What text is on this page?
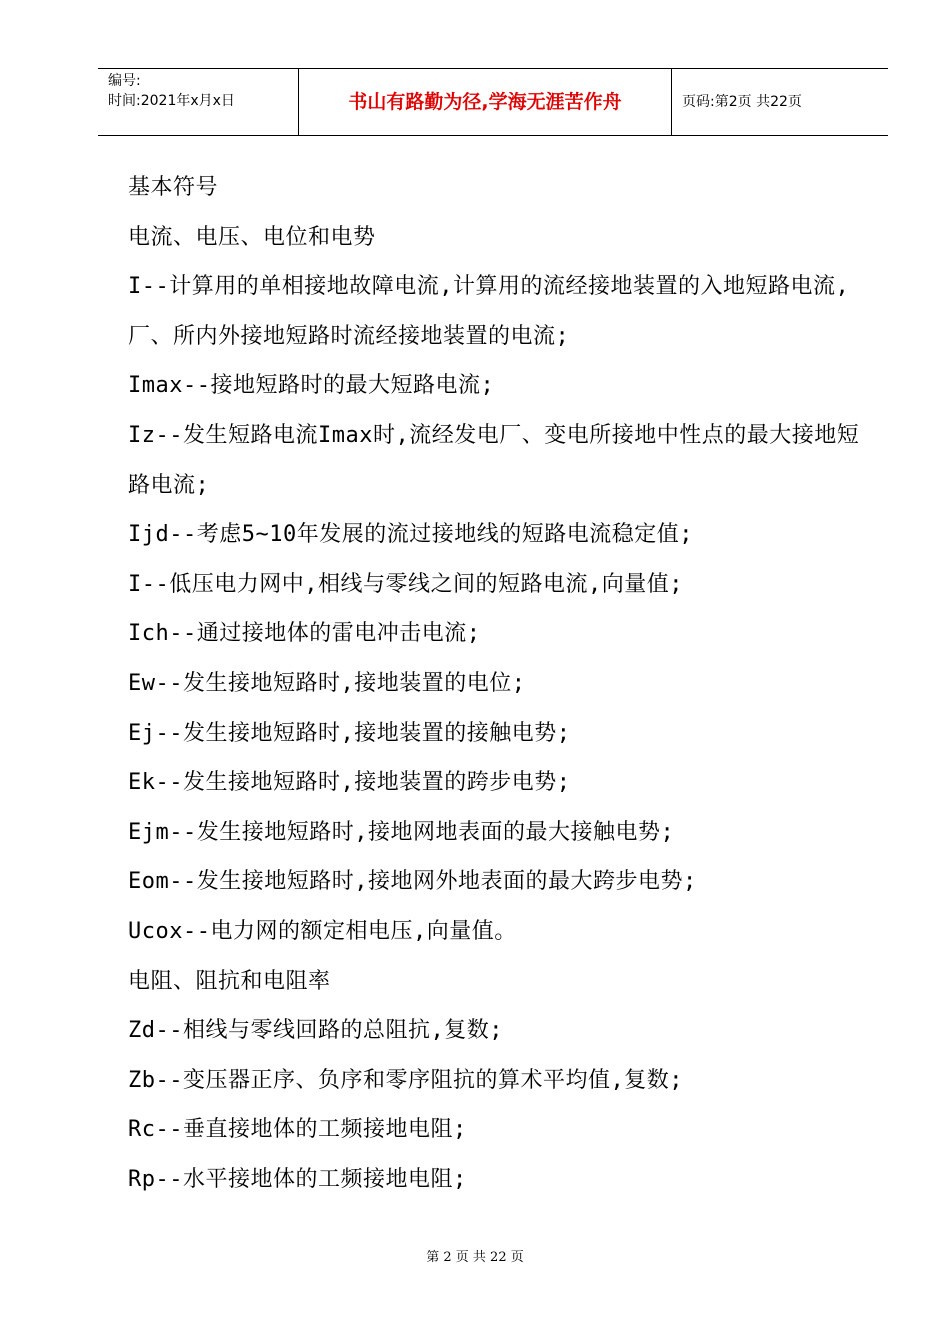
编号:
时间:2021年x月x日	书山有路勤为径,学海无涯苦作舟	页码:第2页 共22页

基本符号

电流、电压、电位和电势

I--计算用的单相接地故障电流,计算用的流经接地装置的入地短路电流,厂、所内外接地短路时流经接地装置的电流;

Imax--接地短路时的最大短路电流;

Iz--发生短路电流Imax时,流经发电厂、变电所接地中性点的最大接地短路电流;

Ijd--考虑5~10年发展的流过接地线的短路电流稳定值;

I--低压电力网中,相线与零线之间的短路电流,向量值;

Ich--通过接地体的雷电冲击电流;

Ew--发生接地短路时,接地装置的电位;

Ej--发生接地短路时,接地装置的接触电势;

Ek--发生接地短路时,接地装置的跨步电势;

Ejm--发生接地短路时,接地网地表面的最大接触电势;

Eom--发生接地短路时,接地网外地表面的最大跨步电势;

Ucox--电力网的额定相电压,向量值。

电阻、阻抗和电阻率

Zd--相线与零线回路的总阻抗,复数;

Zb--变压器正序、负序和零序阻抗的算术平均值,复数;

Rc--垂直接地体的工频接地电阻;

Rp--水平接地体的工频接地电阻;

第 2 页 共 22 页
